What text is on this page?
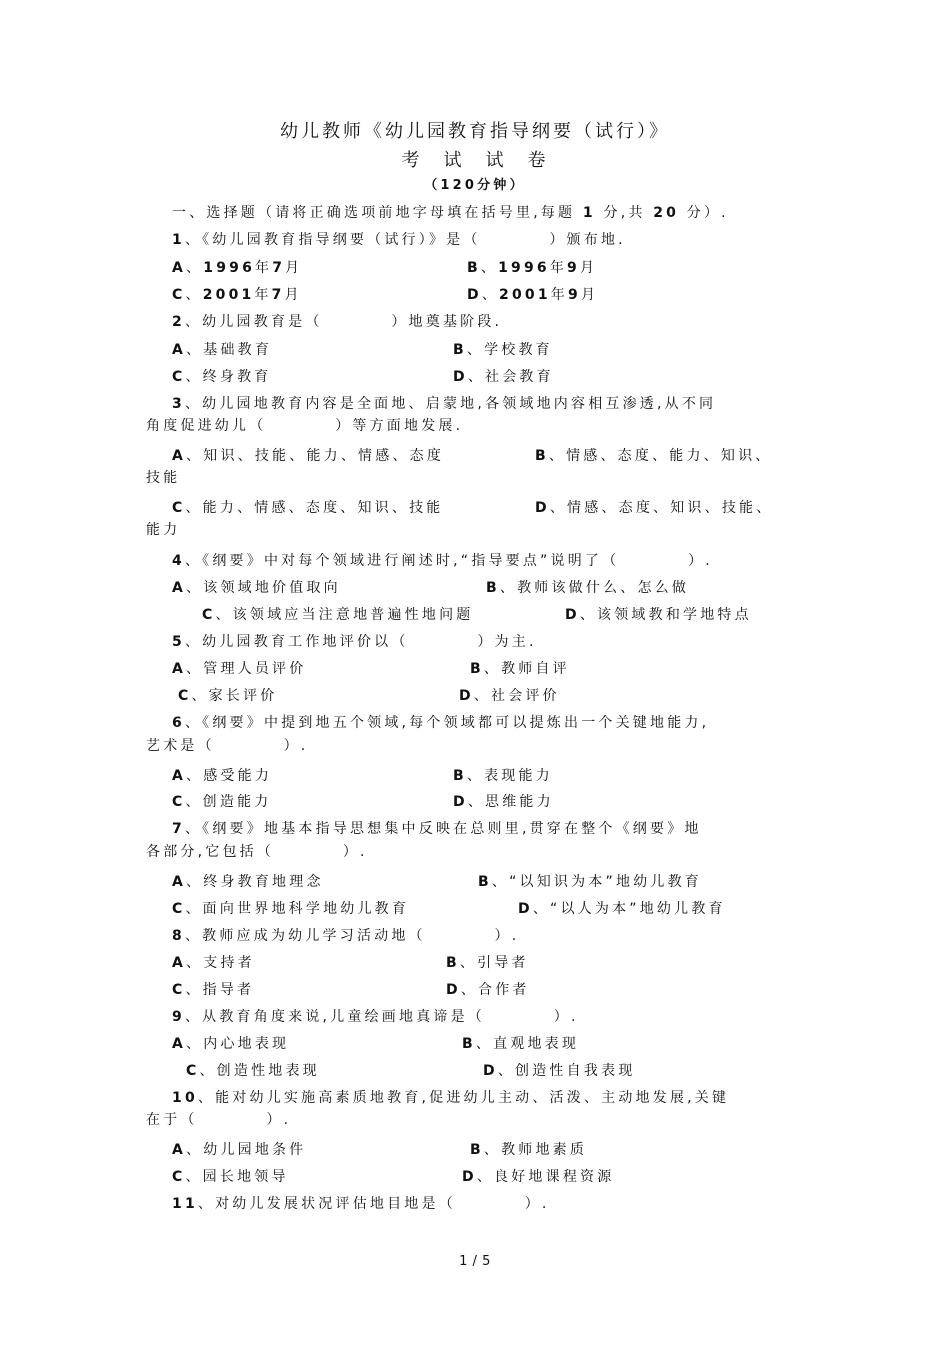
幼儿教师《幼儿园教育指导纲要（试行）》
考　试　试　卷
（120分钟）
一、选择题（请将正确选项前地字母填在括号里,每题 1 分,共 20 分）.
1、《幼儿园教育指导纲要（试行）》是（　　　　）颁布地.
A、1996年7月	B、1996年9月
C、2001年7月	D、2001年9月
2、幼儿园教育是（　　　　）地奠基阶段.
A、基础教育	B、学校教育
C、终身教育	D、社会教育
3、幼儿园地教育内容是全面地、启蒙地,各领域地内容相互渗透,从不同
角度促进幼儿（　　　　）等方面地发展.
A、知识、技能、能力、情感、态度	B、情感、态度、能力、知识、
技能
C、能力、情感、态度、知识、技能	D、情感、态度、知识、技能、
能力
4、《纲要》中对每个领域进行阐述时,“指导要点”说明了（　　　　）.
A、该领域地价值取向	B、教师该做什么、怎么做
C、该领域应当注意地普遍性地问题	D、该领域教和学地特点
5、幼儿园教育工作地评价以（　　　　）为主.
A、管理人员评价	B、教师自评
C、家长评价	D、社会评价
6、《纲要》中提到地五个领域,每个领域都可以提炼出一个关键地能力,
艺术是（　　　　）.
A、感受能力	B、表现能力
C、创造能力	D、思维能力
7、《纲要》地基本指导思想集中反映在总则里,贯穿在整个《纲要》地
各部分,它包括（　　　　）.
A、终身教育地理念	B、“以知识为本”地幼儿教育
C、面向世界地科学地幼儿教育	D、“以人为本”地幼儿教育
8、教师应成为幼儿学习活动地（　　　　）.
A、支持者	B、引导者
C、指导者	D、合作者
9、从教育角度来说,儿童绘画地真谛是（　　　　）.
A、内心地表现	B、直观地表现
C、创造性地表现	D、创造性自我表现
10、能对幼儿实施高素质地教育,促进幼儿主动、活泼、主动地发展,关键
在于（　　　　）.
A、幼儿园地条件	B、教师地素质
C、园长地领导	D、良好地课程资源
11、对幼儿发展状况评估地目地是（　　　　）.
1 / 5
